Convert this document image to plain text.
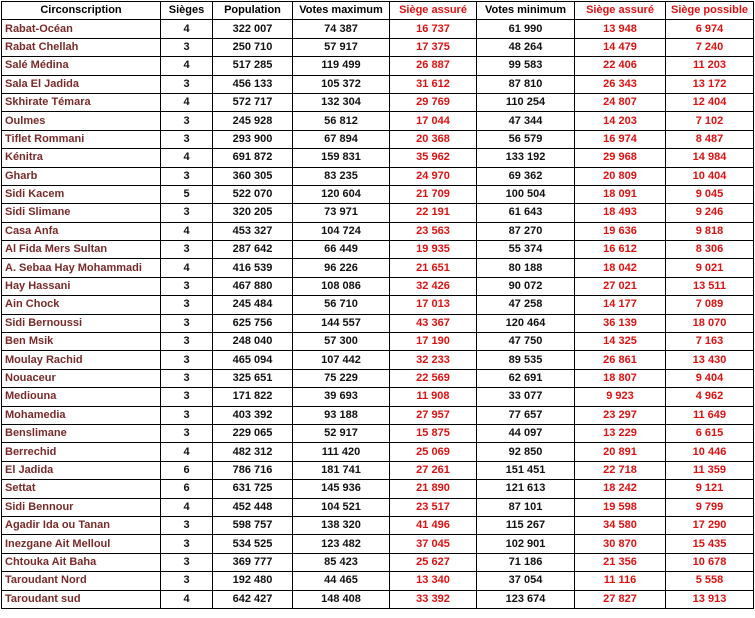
Circonscription	Sièges	Population	Votes maximum	Siège assuré	Votes minimum	Siège assuré	Siège possible
Rabat-Océan	4	322 007	74 387	16 737	61 990	13 948	6 974
Rabat Chellah	3	250 710	57 917	17 375	48 264	14 479	7 240
Salé Médina	4	517 285	119 499	26 887	99 583	22 406	11 203
Sala El Jadida	3	456 133	105 372	31 612	87 810	26 343	13 172
Skhirate Témara	4	572 717	132 304	29 769	110 254	24 807	12 404
Oulmes	3	245 928	56 812	17 044	47 344	14 203	7 102
Tiflet Rommani	3	293 900	67 894	20 368	56 579	16 974	8 487
Kénitra	4	691 872	159 831	35 962	133 192	29 968	14 984
Gharb	3	360 305	83 235	24 970	69 362	20 809	10 404
Sidi Kacem	5	522 070	120 604	21 709	100 504	18 091	9 045
Sidi Slimane	3	320 205	73 971	22 191	61 643	18 493	9 246
Casa Anfa	4	453 327	104 724	23 563	87 270	19 636	9 818
Al Fida Mers Sultan	3	287 642	66 449	19 935	55 374	16 612	8 306
A. Sebaa Hay Mohammadi	4	416 539	96 226	21 651	80 188	18 042	9 021
Hay Hassani	3	467 880	108 086	32 426	90 072	27 021	13 511
Ain Chock	3	245 484	56 710	17 013	47 258	14 177	7 089
Sidi Bernoussi	3	625 756	144 557	43 367	120 464	36 139	18 070
Ben Msik	3	248 040	57 300	17 190	47 750	14 325	7 163
Moulay Rachid	3	465 094	107 442	32 233	89 535	26 861	13 430
Nouaceur	3	325 651	75 229	22 569	62 691	18 807	9 404
Mediouna	3	171 822	39 693	11 908	33 077	9 923	4 962
Mohamedia	3	403 392	93 188	27 957	77 657	23 297	11 649
Benslimane	3	229 065	52 917	15 875	44 097	13 229	6 615
Berrechid	4	482 312	111 420	25 069	92 850	20 891	10 446
El Jadida	6	786 716	181 741	27 261	151 451	22 718	11 359
Settat	6	631 725	145 936	21 890	121 613	18 242	9 121
Sidi Bennour	4	452 448	104 521	23 517	87 101	19 598	9 799
Agadir Ida ou Tanan	3	598 757	138 320	41 496	115 267	34 580	17 290
Inezgane Ait Melloul	3	534 525	123 482	37 045	102 901	30 870	15 435
Chtouka Ait Baha	3	369 777	85 423	25 627	71 186	21 356	10 678
Taroudant Nord	3	192 480	44 465	13 340	37 054	11 116	5 558
Taroudant sud	4	642 427	148 408	33 392	123 674	27 827	13 913
